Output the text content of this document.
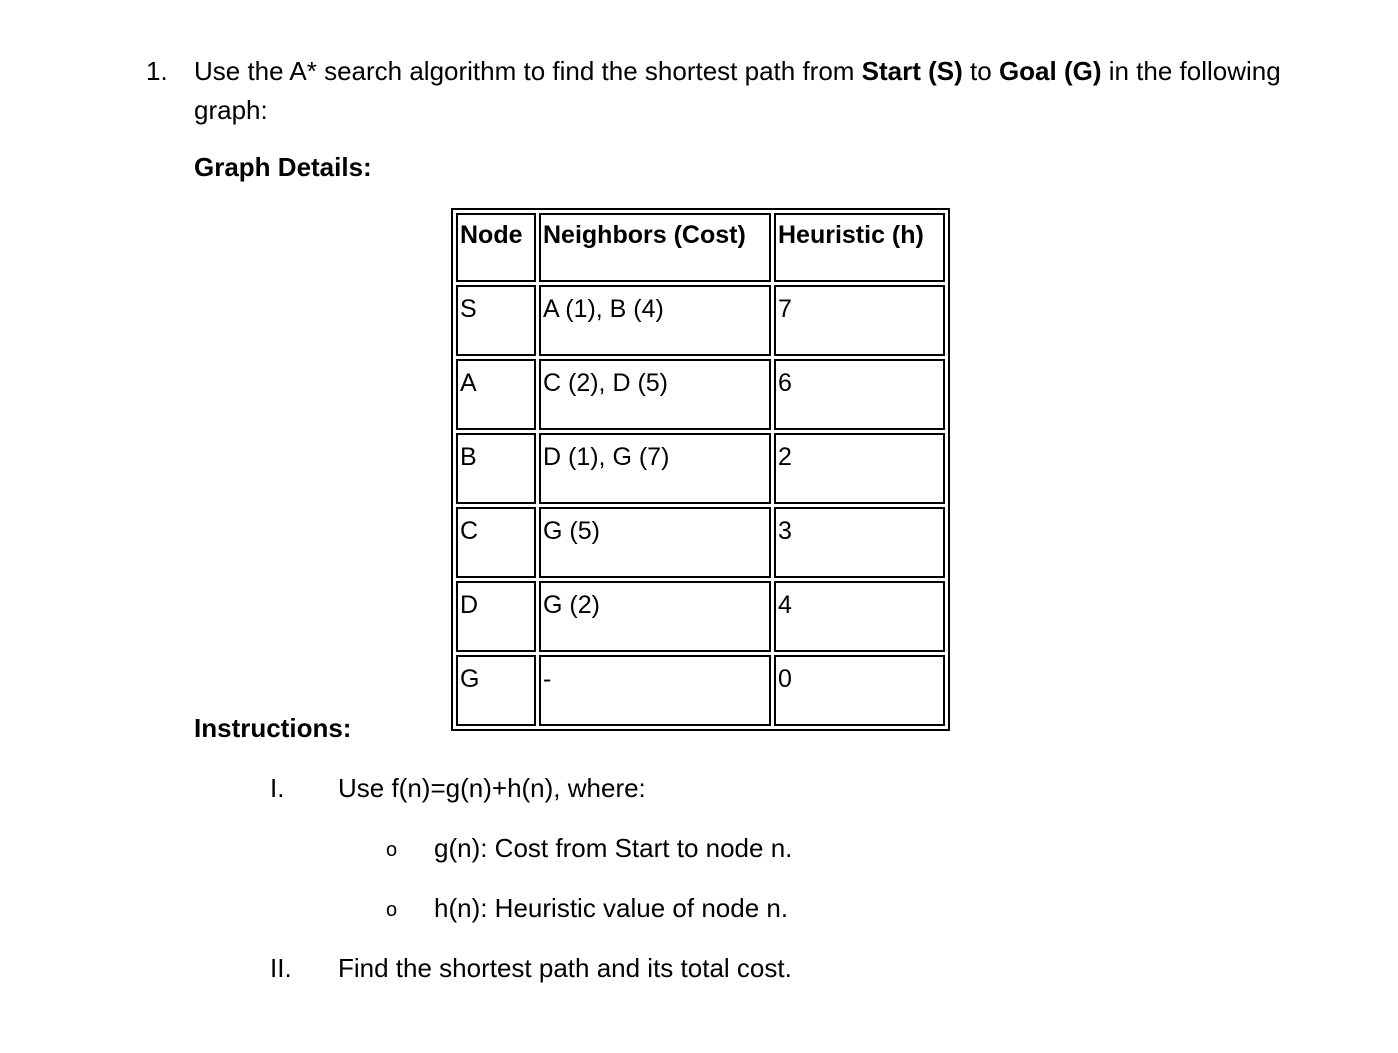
1. Use the A* search algorithm to find the shortest path from Start (S) to Goal (G) in the following graph:
Graph Details:
Node	Neighbors (Cost)	Heuristic (h)
S	A (1), B (4)	7
A	C (2), D (5)	6
B	D (1), G (7)	2
C	G (5)	3
D	G (2)	4
G	-	0
Instructions:
I. Use f(n)=g(n)+h(n), where:
o g(n): Cost from Start to node n.
o h(n): Heuristic value of node n.
II. Find the shortest path and its total cost.
